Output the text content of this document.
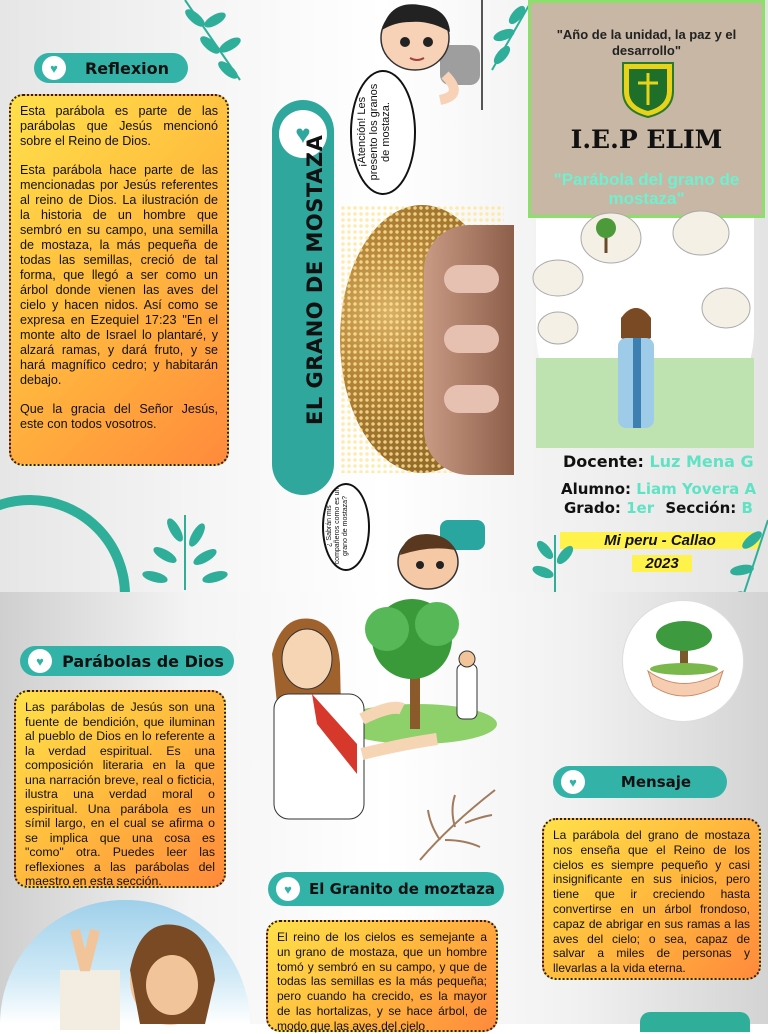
♥	Reflexion

Esta parábola es parte de las parábolas que Jesús mencionó sobre el Reino de Dios.

Esta parábola hace parte de las mencionadas por Jesús referentes al reino de Dios. La ilustración de la historia de un hombre que sembró en su campo, una semilla de mostaza, la más pequeña de todas las semillas, creció de tal forma, que llegó a ser como un árbol donde vienen las aves del cielo y hacen nidos. Así como se expresa en Ezequiel 17:23 "En el monte alto de Israel lo plantaré, y alzará ramas, y dará fruto, y se hará magnífico cedro; y habitarán debajo.

Que la gracia del Señor Jesús, este con todos vosotros.

♥
EL GRANO DE MOSTAZA
¡Atención! Les presento los granos de mostaza.
¿ Sabrán mis compañeros como es un grano de mostaza?
"Año de la unidad, la paz y el desarrollo"
I.E.P ELIM
"Parábola del grano de mostaza"
Docente: Luz Mena G
Alumno: Liam Yovera A
Grado: 1er Sección: B
Mi peru - Callao
2023
♥	Parábolas de Dios

Las parábolas de Jesús son una fuente de bendición, que iluminan al pueblo de Dios en lo referente a la verdad espiritual. Es una composición literaria en la que una narración breve, real o ficticia, ilustra una verdad moral o espiritual. Una parábola es un símil largo, en el cual se afirma o se implica que una cosa es "como" otra. Puedes leer las reflexiones a las parábolas del maestro en esta sección.

♥	El Granito de moztaza

El reino de los cielos es semejante a un grano de mostaza, que un hombre tomó y sembró en su campo, y que de todas las semillas es la más pequeña; pero cuando ha crecido, es la mayor de las hortalizas, y se hace árbol, de modo que las aves del cielo

♥	Mensaje

La parábola del grano de mostaza nos enseña que el Reino de los cielos es siempre pequeño y casi insignificante en sus inicios, pero tiene que ir creciendo hasta convertirse en un árbol frondoso, capaz de abrigar en sus ramas a las aves del cielo; o sea, capaz de salvar a miles de personas y llevarlas a la vida eterna.
